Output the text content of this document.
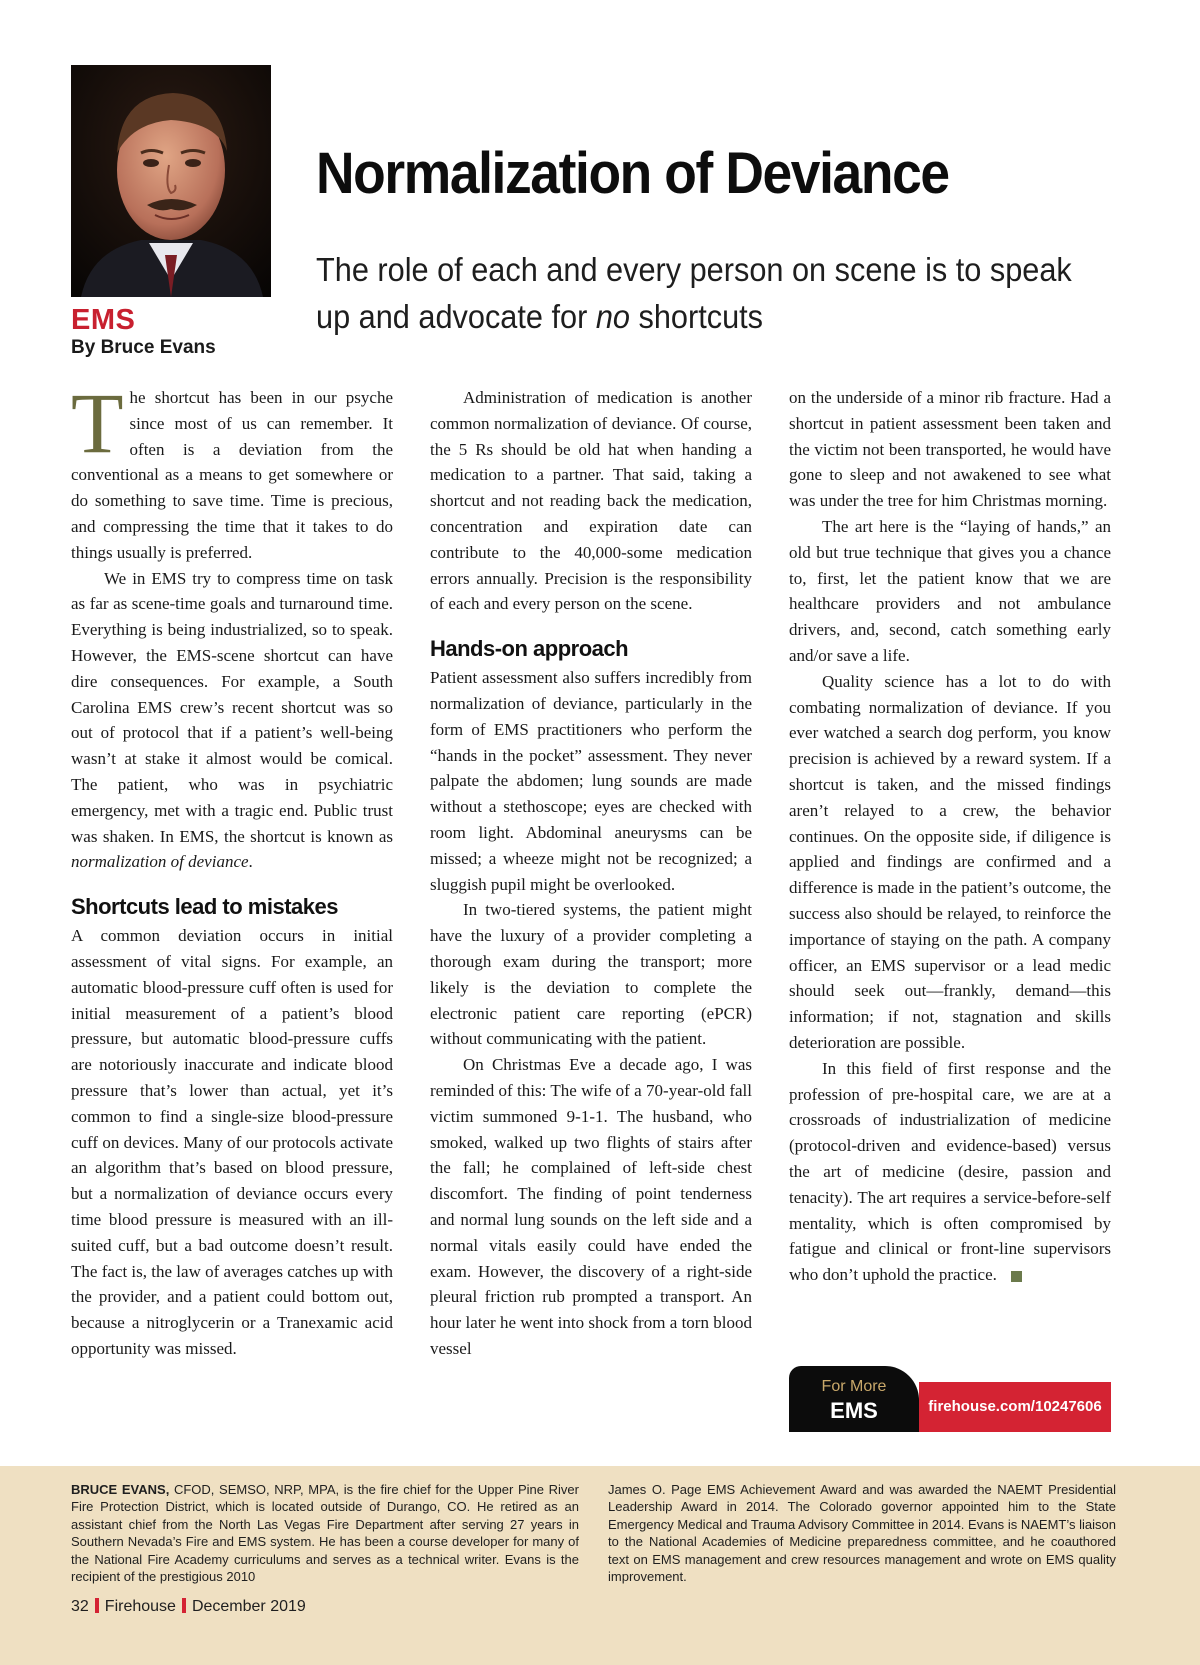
EMS
By Bruce Evans
Normalization of Deviance
The role of each and every person on scene is to speak up and advocate for no shortcuts

The shortcut has been in our psyche since most of us can remember. It often is a deviation from the conventional as a means to get somewhere or do something to save time. Time is precious, and compressing the time that it takes to do things usually is preferred.

We in EMS try to compress time on task as far as scene-time goals and turnaround time. Everything is being industrialized, so to speak. However, the EMS-scene shortcut can have dire consequences. For example, a South Carolina EMS crew’s recent shortcut was so out of protocol that if a patient’s well-being wasn’t at stake it almost would be comical. The patient, who was in psychiatric emergency, met with a tragic end. Public trust was shaken. In EMS, the shortcut is known as normalization of deviance.

Shortcuts lead to mistakes

A common deviation occurs in initial assessment of vital signs. For example, an automatic blood-pressure cuff often is used for initial measurement of a patient’s blood pressure, but automatic blood-pressure cuffs are notoriously inaccurate and indicate blood pressure that’s lower than actual, yet it’s common to find a single-size blood-pressure cuff on devices. Many of our protocols activate an algorithm that’s based on blood pressure, but a normalization of deviance occurs every time blood pressure is measured with an ill-suited cuff, but a bad outcome doesn’t result. The fact is, the law of averages catches up with the provider, and a patient could bottom out, because a nitroglycerin or a Tranexamic acid opportunity was missed.

Administration of medication is another common normalization of deviance. Of course, the 5 Rs should be old hat when handing a medication to a partner. That said, taking a shortcut and not reading back the medication, concentration and expiration date can contribute to the 40,000-some medication errors annually. Precision is the responsibility of each and every person on the scene.

Hands-on approach

Patient assessment also suffers incredibly from normalization of deviance, particularly in the form of EMS practitioners who perform the “hands in the pocket” assessment. They never palpate the abdomen; lung sounds are made without a stethoscope; eyes are checked with room light. Abdominal aneurysms can be missed; a wheeze might not be recognized; a sluggish pupil might be overlooked.

In two-tiered systems, the patient might have the luxury of a provider completing a thorough exam during the transport; more likely is the deviation to complete the electronic patient care reporting (ePCR) without communicating with the patient.

On Christmas Eve a decade ago, I was reminded of this: The wife of a 70-year-old fall victim summoned 9-1-1. The husband, who smoked, walked up two flights of stairs after the fall; he complained of left-side chest discomfort. The finding of point tenderness and normal lung sounds on the left side and a normal vitals easily could have ended the exam. However, the discovery of a right-side pleural friction rub prompted a transport. An hour later he went into shock from a torn blood vessel

on the underside of a minor rib fracture. Had a shortcut in patient assessment been taken and the victim not been transported, he would have gone to sleep and not awakened to see what was under the tree for him Christmas morning.

The art here is the “laying of hands,” an old but true technique that gives you a chance to, first, let the patient know that we are healthcare providers and not ambulance drivers, and, second, catch something early and/or save a life.

Quality science has a lot to do with combating normalization of deviance. If you ever watched a search dog perform, you know precision is achieved by a reward system. If a shortcut is taken, and the missed findings aren’t relayed to a crew, the behavior continues. On the opposite side, if diligence is applied and findings are confirmed and a difference is made in the patient’s outcome, the success also should be relayed, to reinforce the importance of staying on the path. A company officer, an EMS supervisor or a lead medic should seek out—frankly, demand—this information; if not, stagnation and skills deterioration are possible.

In this field of first response and the profession of pre-hospital care, we are at a crossroads of industrialization of medicine (protocol-driven and evidence-based) versus the art of medicine (desire, passion and tenacity). The art requires a service-before-self mentality, which is often compromised by fatigue and clinical or front-line supervisors who don’t uphold the practice.

For More
EMS	firehouse.com/10247606
BRUCE EVANS, CFOD, SEMSO, NRP, MPA, is the fire chief for the Upper Pine River Fire Protection District, which is located outside of Durango, CO. He retired as an assistant chief from the North Las Vegas Fire Department after serving 27 years in Southern Nevada’s Fire and EMS system. He has been a course developer for many of the National Fire Academy curriculums and serves as a technical writer. Evans is the recipient of the prestigious 2010
James O. Page EMS Achievement Award and was awarded the NAEMT Presidential Leadership Award in 2014. The Colorado governor appointed him to the State Emergency Medical and Trauma Advisory Committee in 2014. Evans is NAEMT’s liaison to the National Academies of Medicine preparedness committee, and he coauthored text on EMS management and crew resources management and wrote on EMS quality improvement.
32 Firehouse December 2019
